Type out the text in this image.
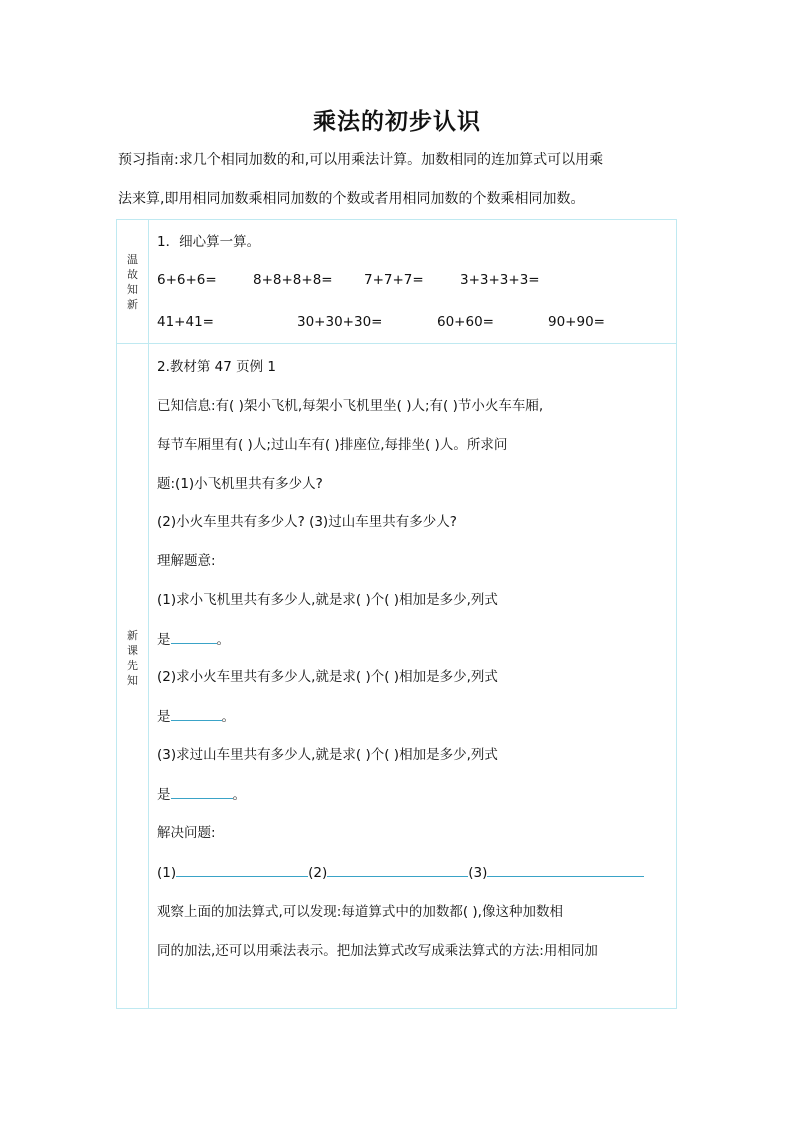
乘法的初步认识
预习指南:求几个相同加数的和,可以用乘法计算。加数相同的连加算式可以用乘
法来算,即用相同加数乘相同加数的个数或者用相同加数的个数乘相同加数。
温
故
知
新
1．细心算一算。
6+6+6=	8+8+8+8= 7+7+7=	3+3+3+3=
41+41=	30+30+30=	60+60=	90+90=
新
课
先
知
2.教材第 47 页例 1
已知信息:有( )架小飞机,每架小飞机里坐( )人;有( )节小火车车厢,
每节车厢里有( )人;过山车有( )排座位,每排坐( )人。所求问
题:(1)小飞机里共有多少人?
(2)小火车里共有多少人? (3)过山车里共有多少人?
理解题意:
(1)求小飞机里共有多少人,就是求( )个( )相加是多少,列式
是	。
(2)求小火车里共有多少人,就是求( )个( )相加是多少,列式
是	。
(3)求过山车里共有多少人,就是求( )个( )相加是多少,列式
是	。
解决问题:
(1)	(2)	(3)
观察上面的加法算式,可以发现:每道算式中的加数都( ),像这种加数相
同的加法,还可以用乘法表示。把加法算式改写成乘法算式的方法:用相同加
